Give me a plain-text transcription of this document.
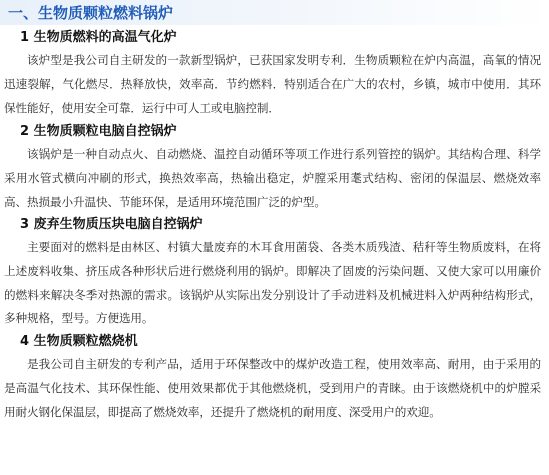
一、生物质颗粒燃料锅炉
1 生物质燃料的高温气化炉

该炉型是我公司自主研发的一款新型锅炉，已获国家发明专利．生物质颗粒在炉内高温，高氧的情况迅速裂解，气化燃尽．热释放快，效率高．节约燃料．特别适合在广大的农村，乡镇，城市中使用．其环保性能好，使用安全可靠．运行中可人工或电脑控制．

2 生物质颗粒电脑自控锅炉

该锅炉是一种自动点火、自动燃烧、温控自动循环等项工作进行系列管控的锅炉。其结构合理、科学采用水管式横向冲刷的形式，换热效率高，热输出稳定，炉膛采用耄式结构、密闭的保温层、燃烧效率高、热损最小升温快、节能环保，是适用环境范围广泛的炉型。

3 废弃生物质压块电脑自控锅炉

主要面对的燃料是由林区、村镇大量废弃的木耳食用菌袋、各类木质残渣、秸秆等生物质废料，在将上述废料收集、挤压成各种形状后进行燃烧利用的锅炉。即解决了固废的污染问题、又使大家可以用廉价的燃料来解决冬季对热源的需求。该锅炉从实际出发分别设计了手动进料及机械进料入炉两种结构形式，多种规格，型号。方便选用。

4 生物质颗粒燃烧机

是我公司自主研发的专利产品，适用于环保整改中的煤炉改造工程，使用效率高、耐用，由于采用的是高温气化技术、其环保性能、使用效果都优于其他燃烧机，受到用户的青睐。由于该燃烧机中的炉膛采用耐火钢化保温层，即提高了燃烧效率，还提升了燃烧机的耐用度、深受用户的欢迎。
